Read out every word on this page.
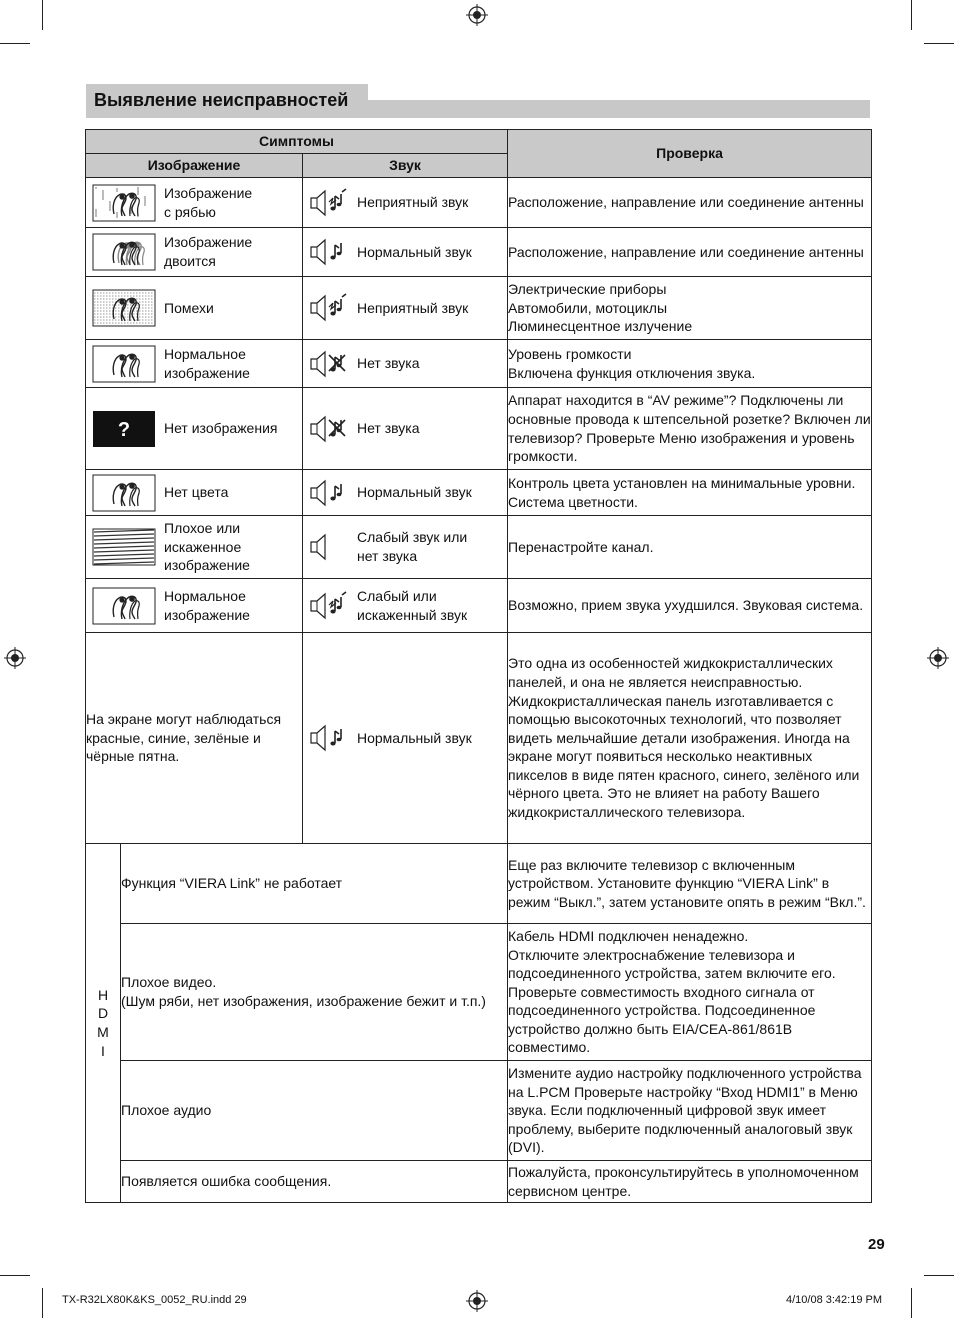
Выявление неисправностей
Симптомы			Проверка
Изображение		Звук	

Изображение
с рябью		Неприятный звук	Расположение, направление или соединение антенны

Изображение
двоится		Нормальный звук	Расположение, направление или соединение антенны

Помехи		Неприятный звук	Электрические приборы
Автомобили, мотоциклы
Люминесцентное излучение

Нормальное
изображение		Нет звука	Уровень громкости
Включена функция отключения звука.

? Нет изображения		Нет звука	Аппарат находится в “AV режиме”? Подключены ли основные провода к штепсельной розетке? Включен ли телевизор? Проверьте Меню изображения и уровень громкости.

Нет цвета		Нормальный звук	Контроль цвета установлен на минимальные уровни. Система цветности.

Плохое или
искаженное
изображение		Слабый звук или
нет звука	Перенастройте канал.

Нормальное
изображение		Слабый или
искаженный звук	Возможно, прием звука ухудшился. Звуковая система.
На экране могут наблюдаться красные, синие, зелёные и чёрные пятна.		Нормальный звук	Это одна из особенностей жидкокристаллических панелей, и она не является неисправностью.
Жидкокристаллическая панель изготавливается с помощью высокоточных технологий, что позволяет видеть мельчайшие детали изображения. Иногда на экране могут появиться несколько неактивных пикселов в виде пятен красного, синего, зелёного или чёрного цвета. Это не влияет на работу Вашего жидкокристаллического телевизора.

H
D
M
I	Функция “VIERA Link” не работает		Еще раз включите телевизор с включенным устройством. Установите функцию “VIERA Link” в режим “Выкл.”, затем установите опять в режим “Вкл.”.
	Плохое видео.
(Шум ряби, нет изображения, изображение бежит и т.п.)		Кабель HDMI подключен ненадежно.
Отключите электроснабжение телевизора и подсоединенного устройства, затем включите его. Проверьте совместимость входного сигнала от подсоединенного устройства. Подсоединенное устройство должно быть EIA/CEA-861/861B совместимо.
	Плохое аудио		Измените аудио настройку подключенного устройства на L.PCM Проверьте настройку “Вход HDMI1” в Меню звука. Если подключенный цифровой звук имеет проблему, выберите подключенный аналоговый звук (DVI).
	Появляется ошибка сообщения.		Пожалуйста, проконсультируйтесь в уполномоченном сервисном центре.
29
TX-R32LX80K&KS_0052_RU.indd 29	4/10/08 3:42:19 PM
